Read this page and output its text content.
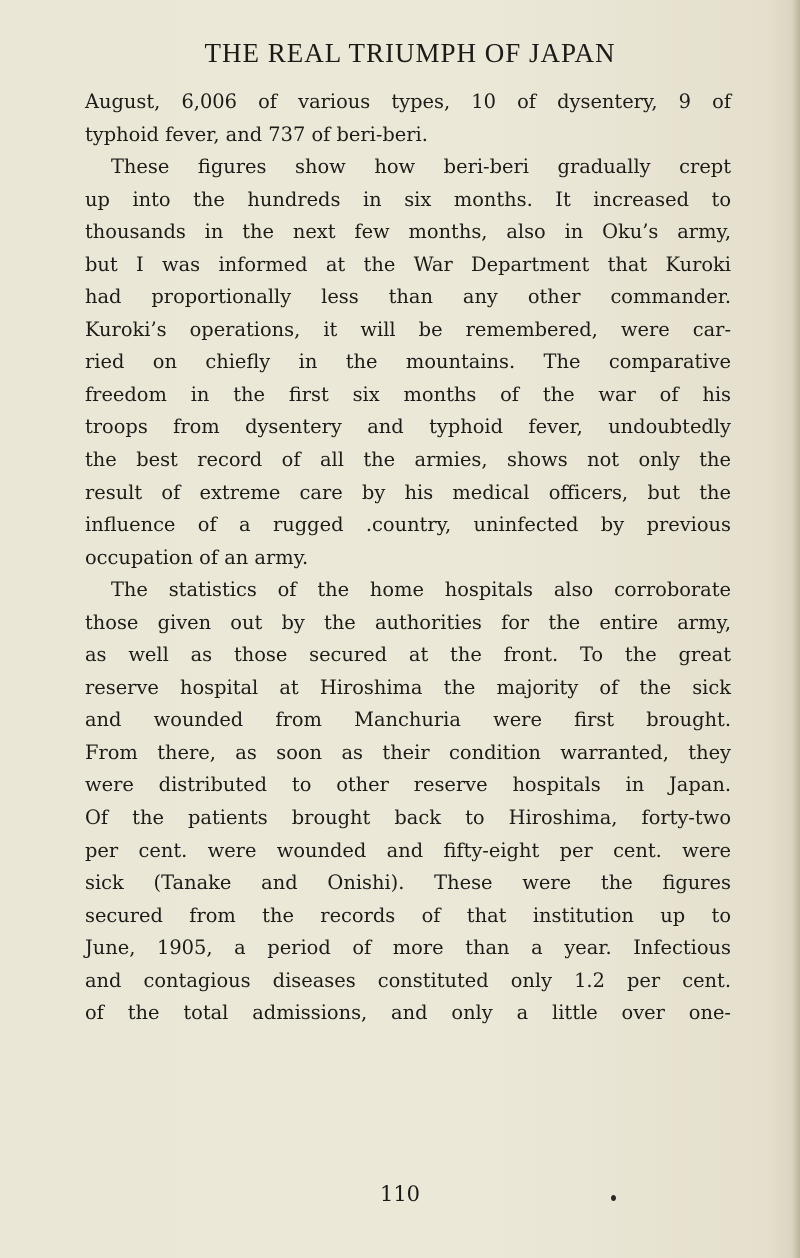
THE REAL TRIUMPH OF JAPAN
August, 6,006 of various types, 10 of dysentery, 9 of
typhoid fever, and 737 of beri-beri.
These figures show how beri-beri gradually crept
up into the hundreds in six months. It increased to
thousands in the next few months, also in Oku’s army,
but I was informed at the War Department that Kuroki
had proportionally less than any other commander.
Kuroki’s operations, it will be remembered, were car-
ried on chiefly in the mountains. The comparative
freedom in the first six months of the war of his
troops from dysentery and typhoid fever, undoubtedly
the best record of all the armies, shows not only the
result of extreme care by his medical officers, but the
influence of a rugged .country, uninfected by previous
occupation of an army.
The statistics of the home hospitals also corroborate
those given out by the authorities for the entire army,
as well as those secured at the front. To the great
reserve hospital at Hiroshima the majority of the sick
and wounded from Manchuria were first brought.
From there, as soon as their condition warranted, they
were distributed to other reserve hospitals in Japan.
Of the patients brought back to Hiroshima, forty-two
per cent. were wounded and fifty-eight per cent. were
sick (Tanake and Onishi). These were the figures
secured from the records of that institution up to
June, 1905, a period of more than a year. Infectious
and contagious diseases constituted only 1.2 per cent.
of the total admissions, and only a little over one-
110
